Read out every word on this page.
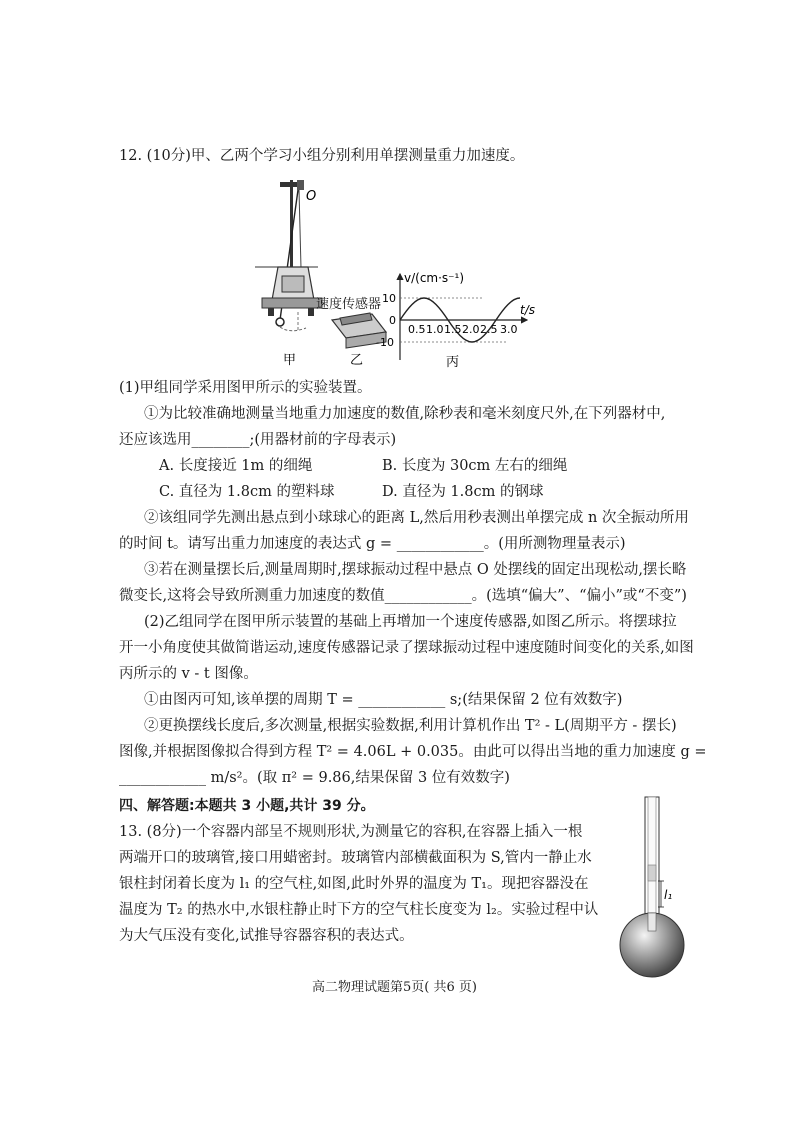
12. (10分)甲、乙两个学习小组分别利用单摆测量重力加速度。
O
甲	乙
速度传感器
v/(cm·s⁻¹)
t/s
10
0
-10
0.5 1.0 1.5 2.0 2.5 3.0
丙
(1)甲组同学采用图甲所示的实验装置。
①为比较准确地测量当地重力加速度的数值,除秒表和毫米刻度尺外,在下列器材中,
还应该选用________;(用器材前的字母表示)
A. 长度接近 1m 的细绳	B. 长度为 30cm 左右的细绳
C. 直径为 1.8cm 的塑料球	D. 直径为 1.8cm 的钢球
②该组同学先测出悬点到小球球心的距离 L,然后用秒表测出单摆完成 n 次全振动所用
的时间 t。请写出重力加速度的表达式 g = ____________。(用所测物理量表示)
③若在测量摆长后,测量周期时,摆球振动过程中悬点 O 处摆线的固定出现松动,摆长略
微变长,这将会导致所测重力加速度的数值____________。(选填“偏大”、“偏小”或“不变”)
(2)乙组同学在图甲所示装置的基础上再增加一个速度传感器,如图乙所示。将摆球拉
开一小角度使其做简谐运动,速度传感器记录了摆球振动过程中速度随时间变化的关系,如图
丙所示的 v - t 图像。
①由图丙可知,该单摆的周期 T = ____________ s;(结果保留 2 位有效数字)
②更换摆线长度后,多次测量,根据实验数据,利用计算机作出 T² - L(周期平方 - 摆长)
图像,并根据图像拟合得到方程 T² = 4.06L + 0.035。由此可以得出当地的重力加速度 g =
____________ m/s²。(取 π² = 9.86,结果保留 3 位有效数字)
四、解答题:本题共 3 小题,共计 39 分。
13. (8分)一个容器内部呈不规则形状,为测量它的容积,在容器上插入一根
两端开口的玻璃管,接口用蜡密封。玻璃管内部横截面积为 S,管内一静止水
银柱封闭着长度为 l₁ 的空气柱,如图,此时外界的温度为 T₁。现把容器没在
温度为 T₂ 的热水中,水银柱静止时下方的空气柱长度变为 l₂。实验过程中认
为大气压没有变化,试推导容器容积的表达式。
l₁
高二物理试题第5页( 共6 页)
